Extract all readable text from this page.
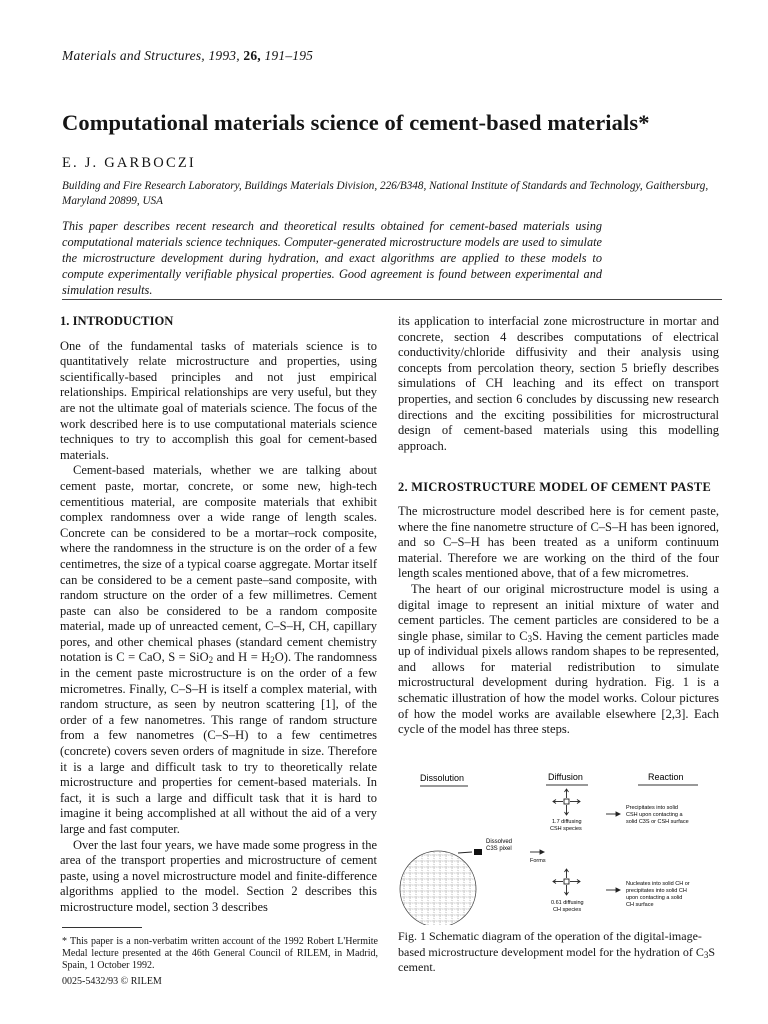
Materials and Structures, 1993, 26, 191–195
Computational materials science of cement-based materials*
E. J. GARBOCZI
Building and Fire Research Laboratory, Buildings Materials Division, 226/B348, National Institute of Standards and Technology, Gaithersburg, Maryland 20899, USA
This paper describes recent research and theoretical results obtained for cement-based materials using computational materials science techniques. Computer-generated microstructure models are used to simulate the microstructure development during hydration, and exact algorithms are applied to these models to compute experimentally verifiable physical properties. Good agreement is found between experimental and simulation results.
1. INTRODUCTION

One of the fundamental tasks of materials science is to quantitatively relate microstructure and properties, using scientifically-based principles and not just empirical relationships. Empirical relationships are very useful, but they are not the ultimate goal of materials science. The focus of the work described here is to use computational materials science techniques to try to accomplish this goal for cement-based materials.

Cement-based materials, whether we are talking about cement paste, mortar, concrete, or some new, high-tech cementitious material, are composite materials that exhibit complex randomness over a wide range of length scales. Concrete can be considered to be a mortar–rock composite, where the randomness in the structure is on the order of a few centimetres, the size of a typical coarse aggregate. Mortar itself can be considered to be a cement paste–sand composite, with random structure on the order of a few millimetres. Cement paste can also be considered to be a random composite material, made up of unreacted cement, C–S–H, CH, capillary pores, and other chemical phases (standard cement chemistry notation is C = CaO, S = SiO$_2$ and $H = H_2O$). The randomness in the cement paste microstructure is on the order of a few micrometres. Finally, C–S–H is itself a complex material, with random structure, as seen by neutron scattering [1], of the order of a few nanometres. This range of random structure from a few nanometres (C–S–H) to a few centimetres (concrete) covers seven orders of magnitude in size. Therefore it is a large and difficult task to try to theoretically relate microstructure and properties for cement-based materials. In fact, it is such a large and difficult task that it is hard to imagine it being accomplished at all without the aid of a very large and fast computer.

Over the last four years, we have made some progress in the area of the transport properties and microstructure of cement paste, using a novel microstructure model and finite-difference algorithms applied to the model. Section 2 describes this microstructure model, section 3 describes

* This paper is a non-verbatim written account of the 1992 Robert L'Hermite Medal lecture presented at the 46th General Council of RILEM, in Madrid, Spain, 1 October 1992.
0025-5432/93 © RILEM

its application to interfacial zone microstructure in mortar and concrete, section 4 describes computations of electrical conductivity/chloride diffusivity and their analysis using concepts from percolation theory, section 5 briefly describes simulations of CH leaching and its effect on transport properties, and section 6 concludes by discussing new research directions and the exciting possibilities for microstructural design of cement-based materials using this modelling approach.

2. MICROSTRUCTURE MODEL OF CEMENT PASTE

The microstructure model described here is for cement paste, where the fine nanometre structure of C–S–H has been ignored, and so C–S–H has been treated as a uniform continuum material. Therefore we are working on the third of the four length scales mentioned above, that of a few micrometres.

The heart of our original microstructure model is using a digital image to represent an initial mixture of water and cement particles. The cement particles are considered to be a single phase, similar to $C_3S$. Having the cement particles made up of individual pixels allows random shapes to be represented, and allows for material redistribution to simulate microstructural development during hydration. Fig. 1 is a schematic illustration of how the model works. Colour pictures of how the model works are available elsewhere [2,3]. Each cycle of the model has three steps.

Dissolution	Diffusion	Reaction
1.7 diffusing
CSH species
Precipitates into solid
CSH upon contacting a
solid C3S or CSH surface
Dissolved
C3S pixel
Forms
0.61 diffusing
CH species
Nucleates into solid CH or
precipitates into solid CH
upon contacting a solid
CH surface
Fig. 1 Schematic diagram of the operation of the digital-image-based microstructure development model for the hydration of $C_3S$ cement.
